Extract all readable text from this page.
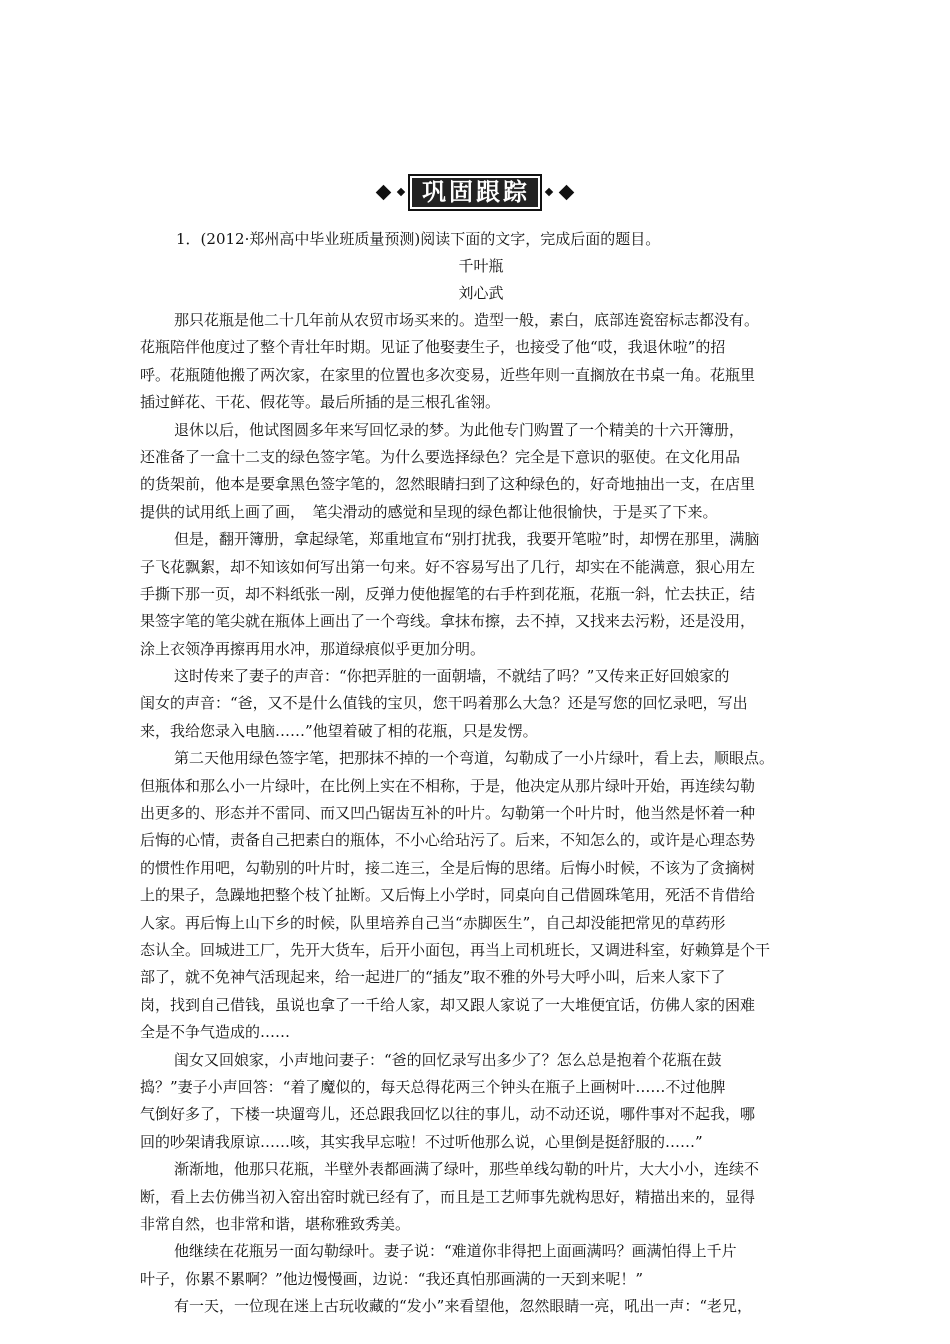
巩固跟踪
1．(2012·郑州高中毕业班质量预测)阅读下面的文字，完成后面的题目。
千叶瓶
刘心武
那只花瓶是他二十几年前从农贸市场买来的。造型一般，素白，底部连瓷窑标志都没有。
花瓶陪伴他度过了整个青壮年时期。见证了他娶妻生子，也接受了他“哎，我退休啦”的招
呼。花瓶随他搬了两次家，在家里的位置也多次变易，近些年则一直搁放在书桌一角。花瓶里
插过鲜花、干花、假花等。最后所插的是三根孔雀翎。
退休以后，他试图圆多年来写回忆录的梦。为此他专门购置了一个精美的十六开簿册，
还准备了一盒十二支的绿色签字笔。为什么要选择绿色？完全是下意识的驱使。在文化用品
的货架前，他本是要拿黑色签字笔的，忽然眼睛扫到了这种绿色的，好奇地抽出一支，在店里
提供的试用纸上画了画，　笔尖滑动的感觉和呈现的绿色都让他很愉快，于是买了下来。
但是，翻开簿册，拿起绿笔，郑重地宣布“别打扰我，我要开笔啦”时，却愣在那里，满脑
子飞花飘絮，却不知该如何写出第一句来。好不容易写出了几行，却实在不能满意，狠心用左
手撕下那一页，却不料纸张一剐，反弹力使他握笔的右手杵到花瓶，花瓶一斜，忙去扶正，结
果签字笔的笔尖就在瓶体上画出了一个弯线。拿抹布擦，去不掉，又找来去污粉，还是没用，
涂上衣领净再擦再用水冲，那道绿痕似乎更加分明。
这时传来了妻子的声音：“你把弄脏的一面朝墙，不就结了吗？”又传来正好回娘家的
闺女的声音：“爸，又不是什么值钱的宝贝，您干吗着那么大急？还是写您的回忆录吧，写出
来，我给您录入电脑……”他望着破了相的花瓶，只是发愣。
第二天他用绿色签字笔，把那抹不掉的一个弯道，勾勒成了一小片绿叶，看上去，顺眼点。
但瓶体和那么小一片绿叶，在比例上实在不相称，于是，他决定从那片绿叶开始，再连续勾勒
出更多的、形态并不雷同、而又凹凸锯齿互补的叶片。勾勒第一个叶片时，他当然是怀着一种
后悔的心情，责备自己把素白的瓶体，不小心给玷污了。后来，不知怎么的，或许是心理态势
的惯性作用吧，勾勒别的叶片时，接二连三，全是后悔的思绪。后悔小时候，不该为了贪摘树
上的果子，急躁地把整个枝丫扯断。又后悔上小学时，同桌向自己借圆珠笔用，死活不肯借给
人家。再后悔上山下乡的时候，队里培养自己当“赤脚医生”，自己却没能把常见的草药形
态认全。回城进工厂，先开大货车，后开小面包，再当上司机班长，又调进科室，好赖算是个干
部了，就不免神气活现起来，给一起进厂的“插友”取不雅的外号大呼小叫，后来人家下了
岗，找到自己借钱，虽说也拿了一千给人家，却又跟人家说了一大堆便宜话，仿佛人家的困难
全是不争气造成的……
闺女又回娘家，小声地问妻子：“爸的回忆录写出多少了？怎么总是抱着个花瓶在鼓
捣？”妻子小声回答：“着了魔似的，每天总得花两三个钟头在瓶子上画树叶……不过他脾
气倒好多了，下楼一块遛弯儿，还总跟我回忆以往的事儿，动不动还说，哪件事对不起我，哪
回的吵架请我原谅……咳，其实我早忘啦！不过听他那么说，心里倒是挺舒服的……”
渐渐地，他那只花瓶，半壁外表都画满了绿叶，那些单线勾勒的叶片，大大小小，连续不
断，看上去仿佛当初入窑出窑时就已经有了，而且是工艺师事先就构思好，精描出来的，显得
非常自然，也非常和谐，堪称雅致秀美。
他继续在花瓶另一面勾勒绿叶。妻子说：“难道你非得把上面画满吗？画满怕得上千片
叶子，你累不累啊？”他边慢慢画，边说：“我还真怕那画满的一天到来呢！”
有一天，一位现在迷上古玩收藏的“发小”来看望他，忽然眼睛一亮，吼出一声：“老兄，
